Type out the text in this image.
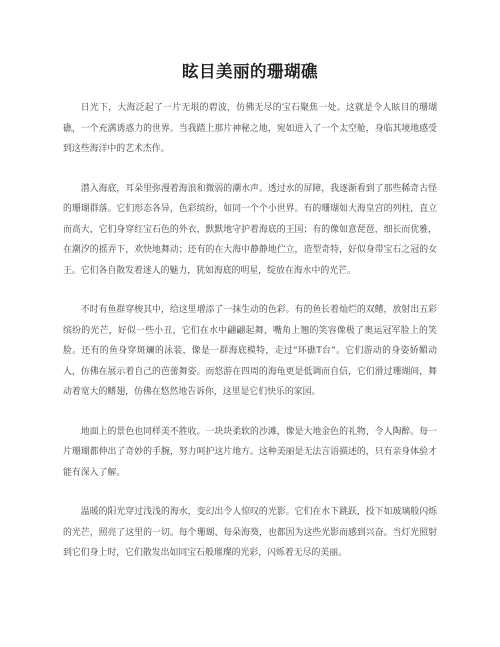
眩目美丽的珊瑚礁

日光下，大海泛起了一片无垠的碧波，仿佛无尽的宝石聚焦一处。这就是令人眩目的珊瑚礁，一个充满诱惑力的世界。当我踏上那片神秘之地，宛如进入了一个太空舱，身临其境地感受到这些海洋中的艺术杰作。

潜入海底，耳朵里弥漫着海浪和微弱的潮水声。透过水的屏障，我逐渐看到了那些稀奇古怪的珊瑚群落。它们形态各异，色彩缤纷，如同一个个小世界。有的珊瑚如大海皇宫的列柱，直立而高大，它们身穿红宝石色的外衣，默默地守护着海底的王国；有的像如意琵琶，细长而优雅，在潮汐的摇弄下，欢快地舞动；还有的在大海中静静地伫立，造型奇特，好似身带宝石之冠的女王。它们各自散发着迷人的魅力，犹如海底的明星，绽放在海水中的光芒。

不时有鱼群穿梭其中，给这里增添了一抹生动的色彩。有的鱼长着灿烂的双鳍，放射出五彩缤纷的光芒，好似一些小丑，它们在水中翩翩起舞，嘴角上翘的笑容像极了奥运冠军脸上的笑脸。还有的鱼身穿斑斓的泳装，像是一群海底模特，走过“环礁T台”。它们游动的身姿娇媚动人，仿佛在展示着自己的芭蕾舞姿。而悠游在四周的海龟更是低调而自信，它们滑过珊瑚间，舞动着宽大的鳍翅，仿佛在悠然地告诉你，这里是它们快乐的家园。

地面上的景色也同样美不胜收。一块块柔软的沙滩，像是大地金色的礼物，令人陶醉。每一片珊瑚都伸出了奇妙的手腕，努力呵护这片地方。这种美丽是无法言语描述的，只有亲身体验才能有深入了解。

温暖的阳光穿过浅浅的海水，变幻出令人惊叹的光影。它们在水下跳跃，投下如玻璃般闪烁的光芒，照亮了这里的一切。每个珊瑚、每朵海葵，也都因为这些光影而感到兴奋。当灯光照射到它们身上时，它们散发出如同宝石般璀璨的光彩，闪烁着无尽的美丽。
